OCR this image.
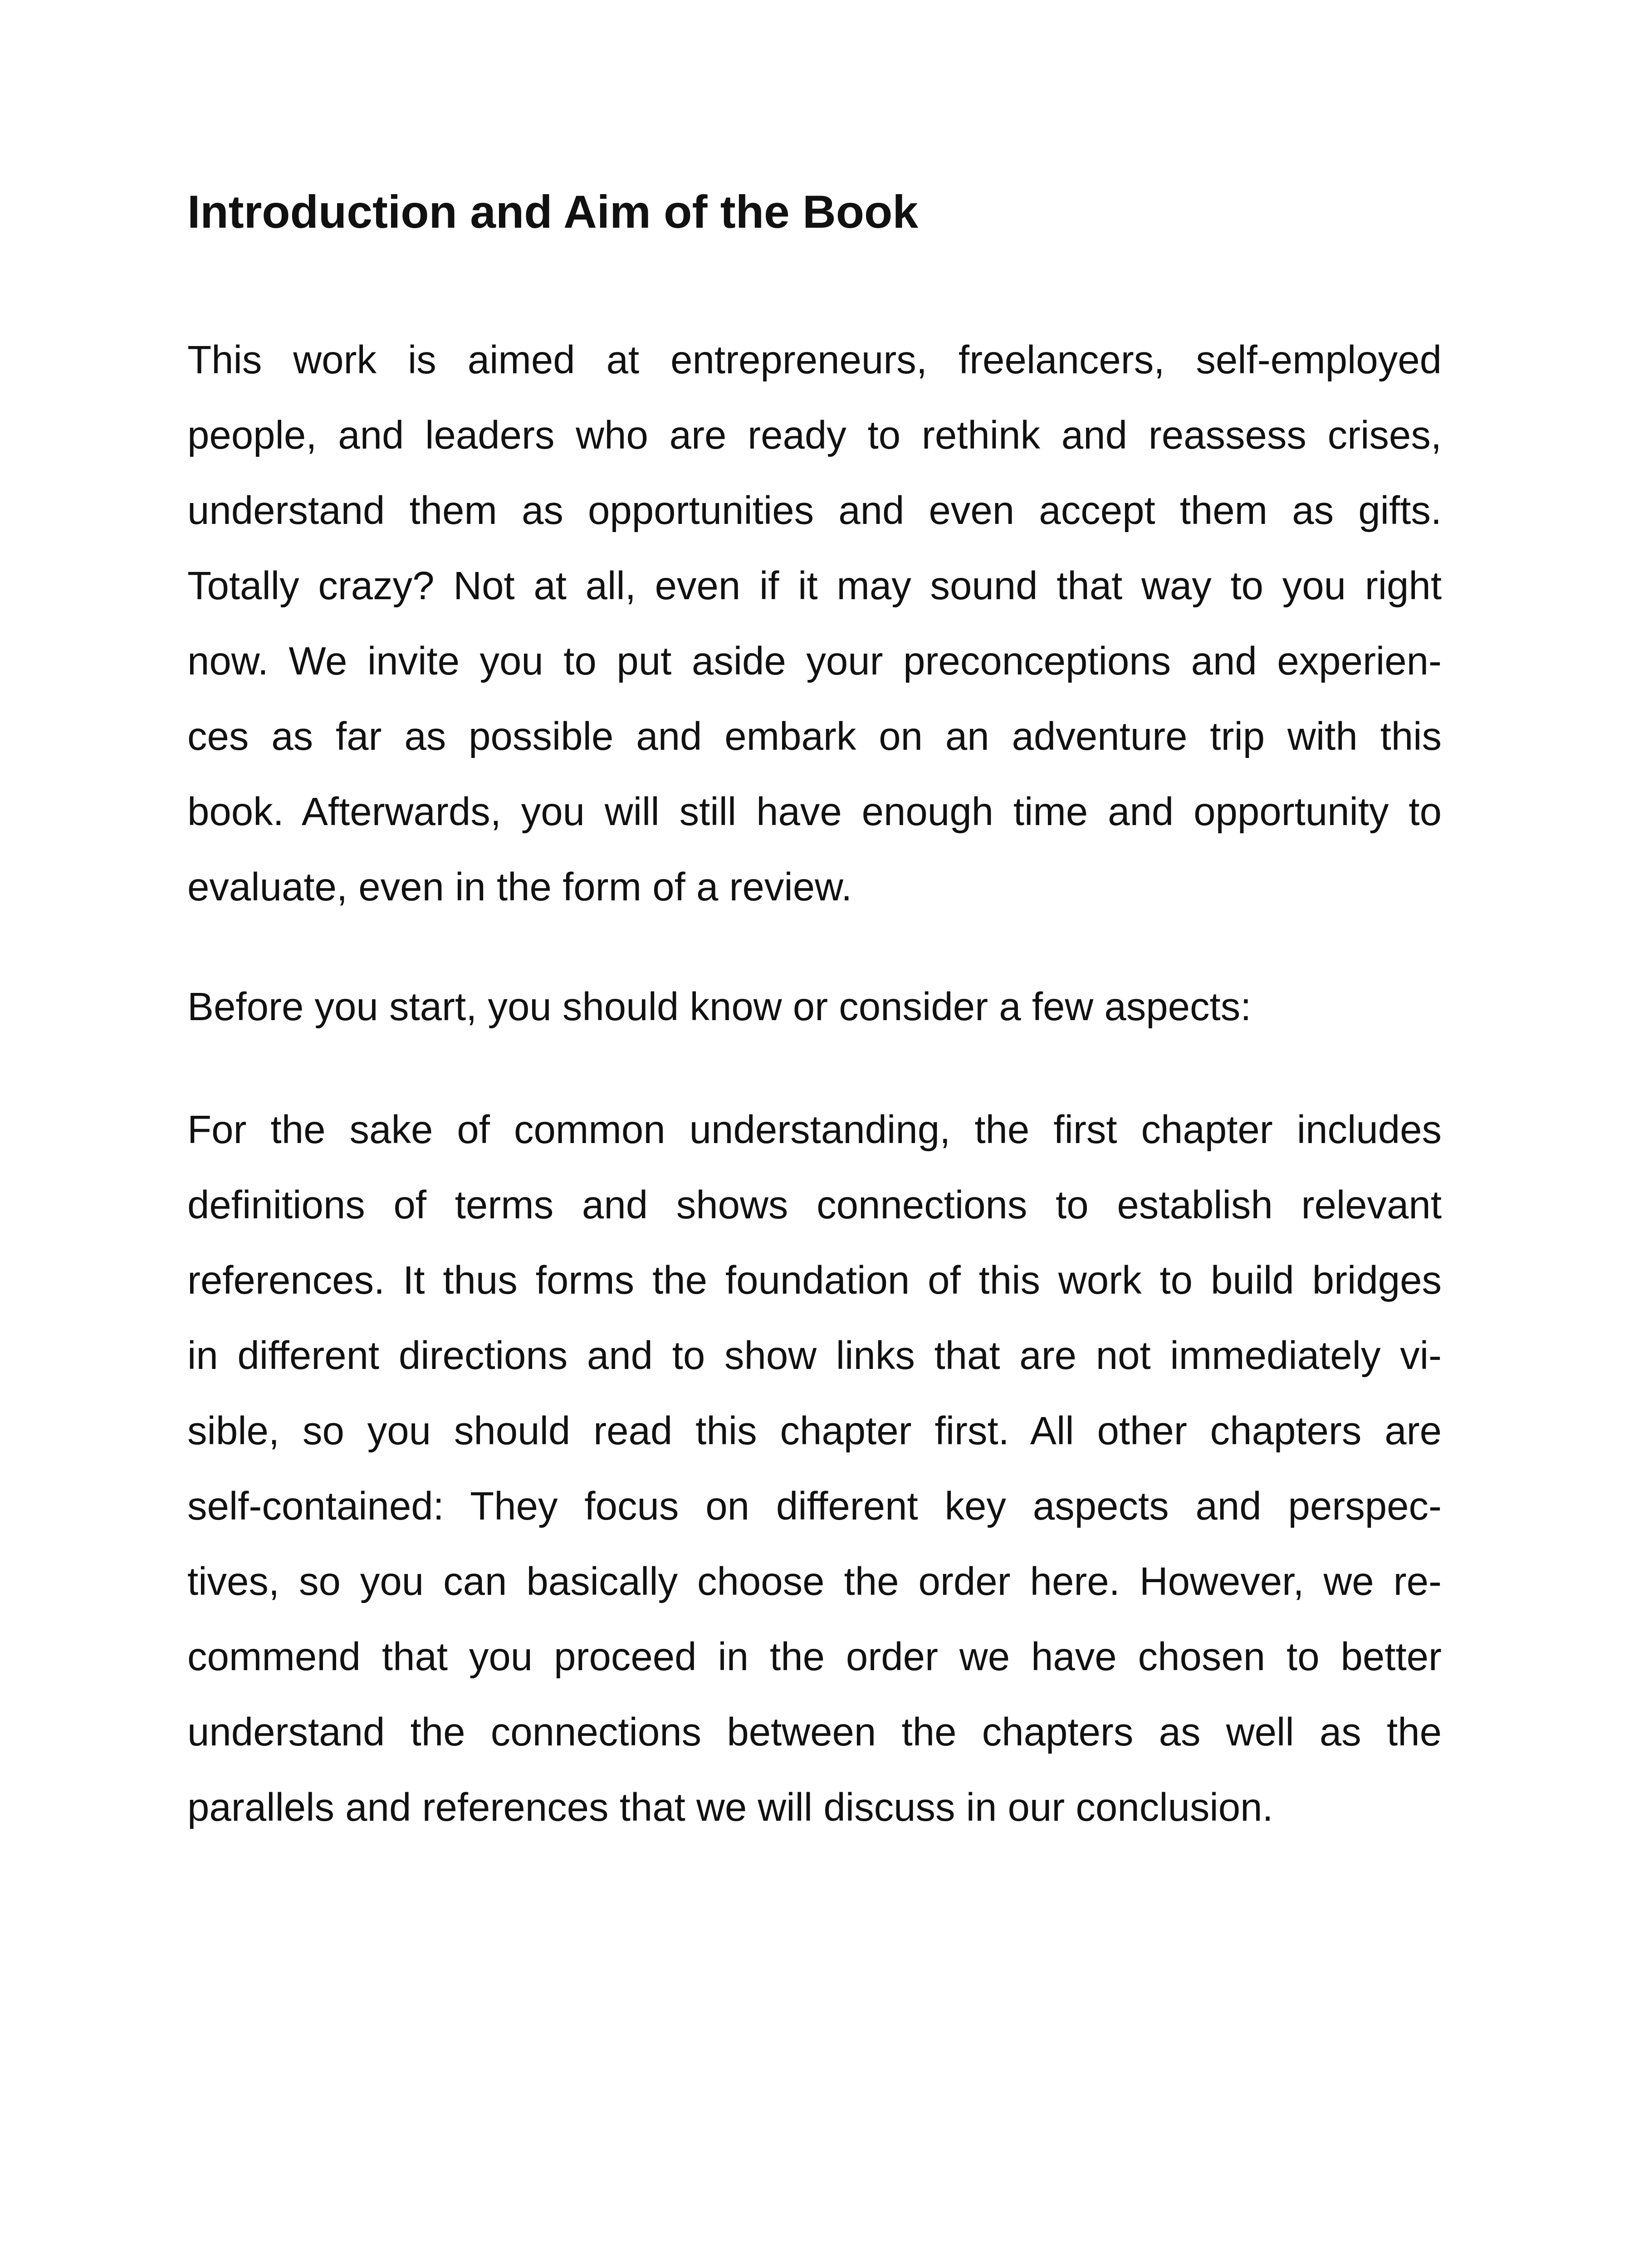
Introduction and Aim of the Book

This work is aimed at entrepreneurs, freelancers, self-employed
people, and leaders who are ready to rethink and reassess crises,
understand them as opportunities and even accept them as gifts.
Totally crazy? Not at all, even if it may sound that way to you right
now. We invite you to put aside your preconceptions and experien-
ces as far as possible and embark on an adventure trip with this
book. Afterwards, you will still have enough time and opportunity to
evaluate, even in the form of a review.

Before you start, you should know or consider a few aspects:

For the sake of common understanding, the first chapter includes
definitions of terms and shows connections to establish relevant
references. It thus forms the foundation of this work to build bridges
in different directions and to show links that are not immediately vi-
sible, so you should read this chapter first. All other chapters are
self-contained: They focus on different key aspects and perspec-
tives, so you can basically choose the order here. However, we re-
commend that you proceed in the order we have chosen to better
understand the connections between the chapters as well as the
parallels and references that we will discuss in our conclusion.
